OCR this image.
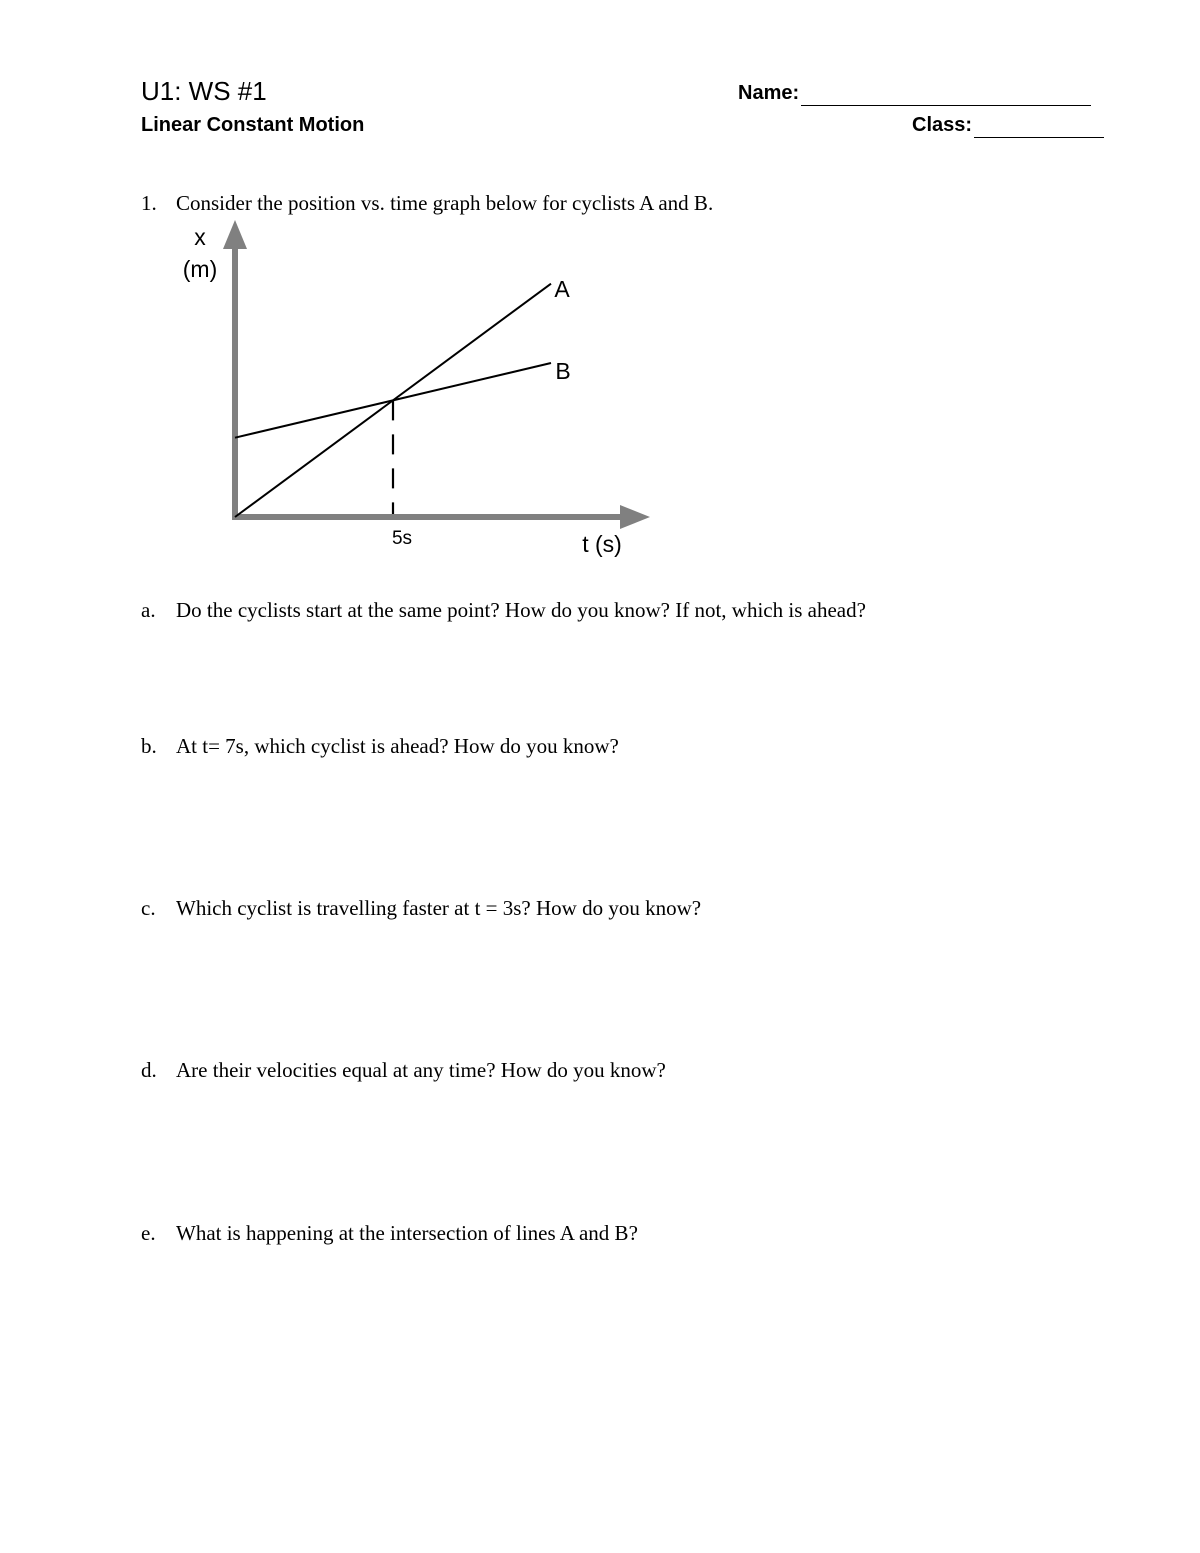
U1: WS #1
Linear Constant Motion
Name:
Class:
1. Consider the position vs. time graph below for cyclists A and B.
x
(m)
t (s)
5s
A
B
a. Do the cyclists start at the same point? How do you know? If not, which is ahead?
b. At t= 7s, which cyclist is ahead? How do you know?
c. Which cyclist is travelling faster at t = 3s? How do you know?
d. Are their velocities equal at any time? How do you know?
e. What is happening at the intersection of lines A and B?
